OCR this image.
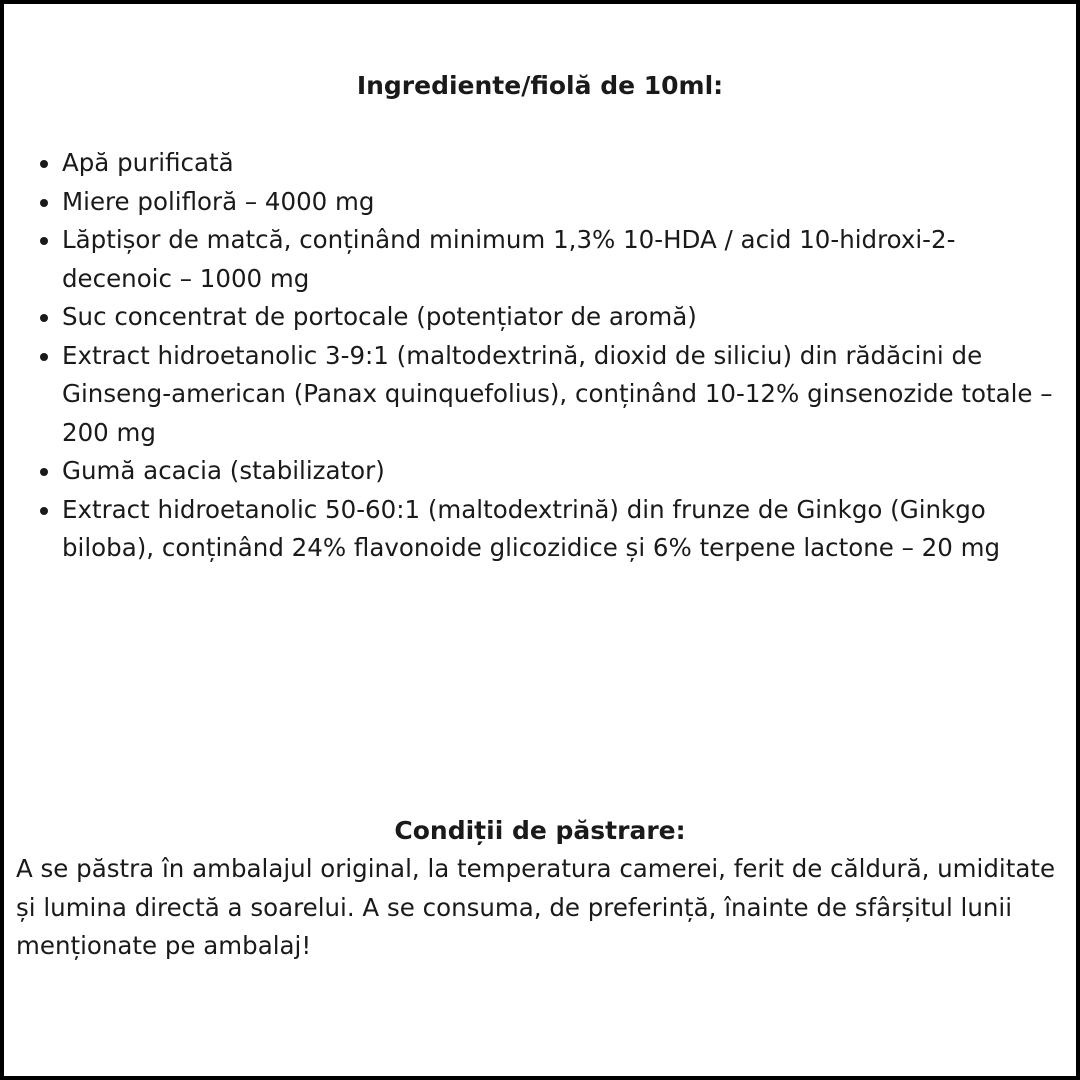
Ingrediente/fiolă de 10ml:
Apă purificată
Miere polifloră – 4000 mg
Lăptișor de matcă, conținând minimum 1,3% 10-HDA / acid 10-hidroxi-2-decenoic – 1000 mg
Suc concentrat de portocale (potențiator de aromă)
Extract hidroetanolic 3-9:1 (maltodextrină, dioxid de siliciu) din rădăcini de Ginseng-american (Panax quinquefolius), conținând 10-12% ginsenozide totale – 200 mg
Gumă acacia (stabilizator)
Extract hidroetanolic 50-60:1 (maltodextrină) din frunze de Ginkgo (Ginkgo biloba), conținând 24% flavonoide glicozidice și 6% terpene lactone – 20 mg
Condiții de păstrare:

A se păstra în ambalajul original, la temperatura camerei, ferit de căldură, umiditate și lumina directă a soarelui. A se consuma, de preferință, înainte de sfârșitul lunii menționate pe ambalaj!
